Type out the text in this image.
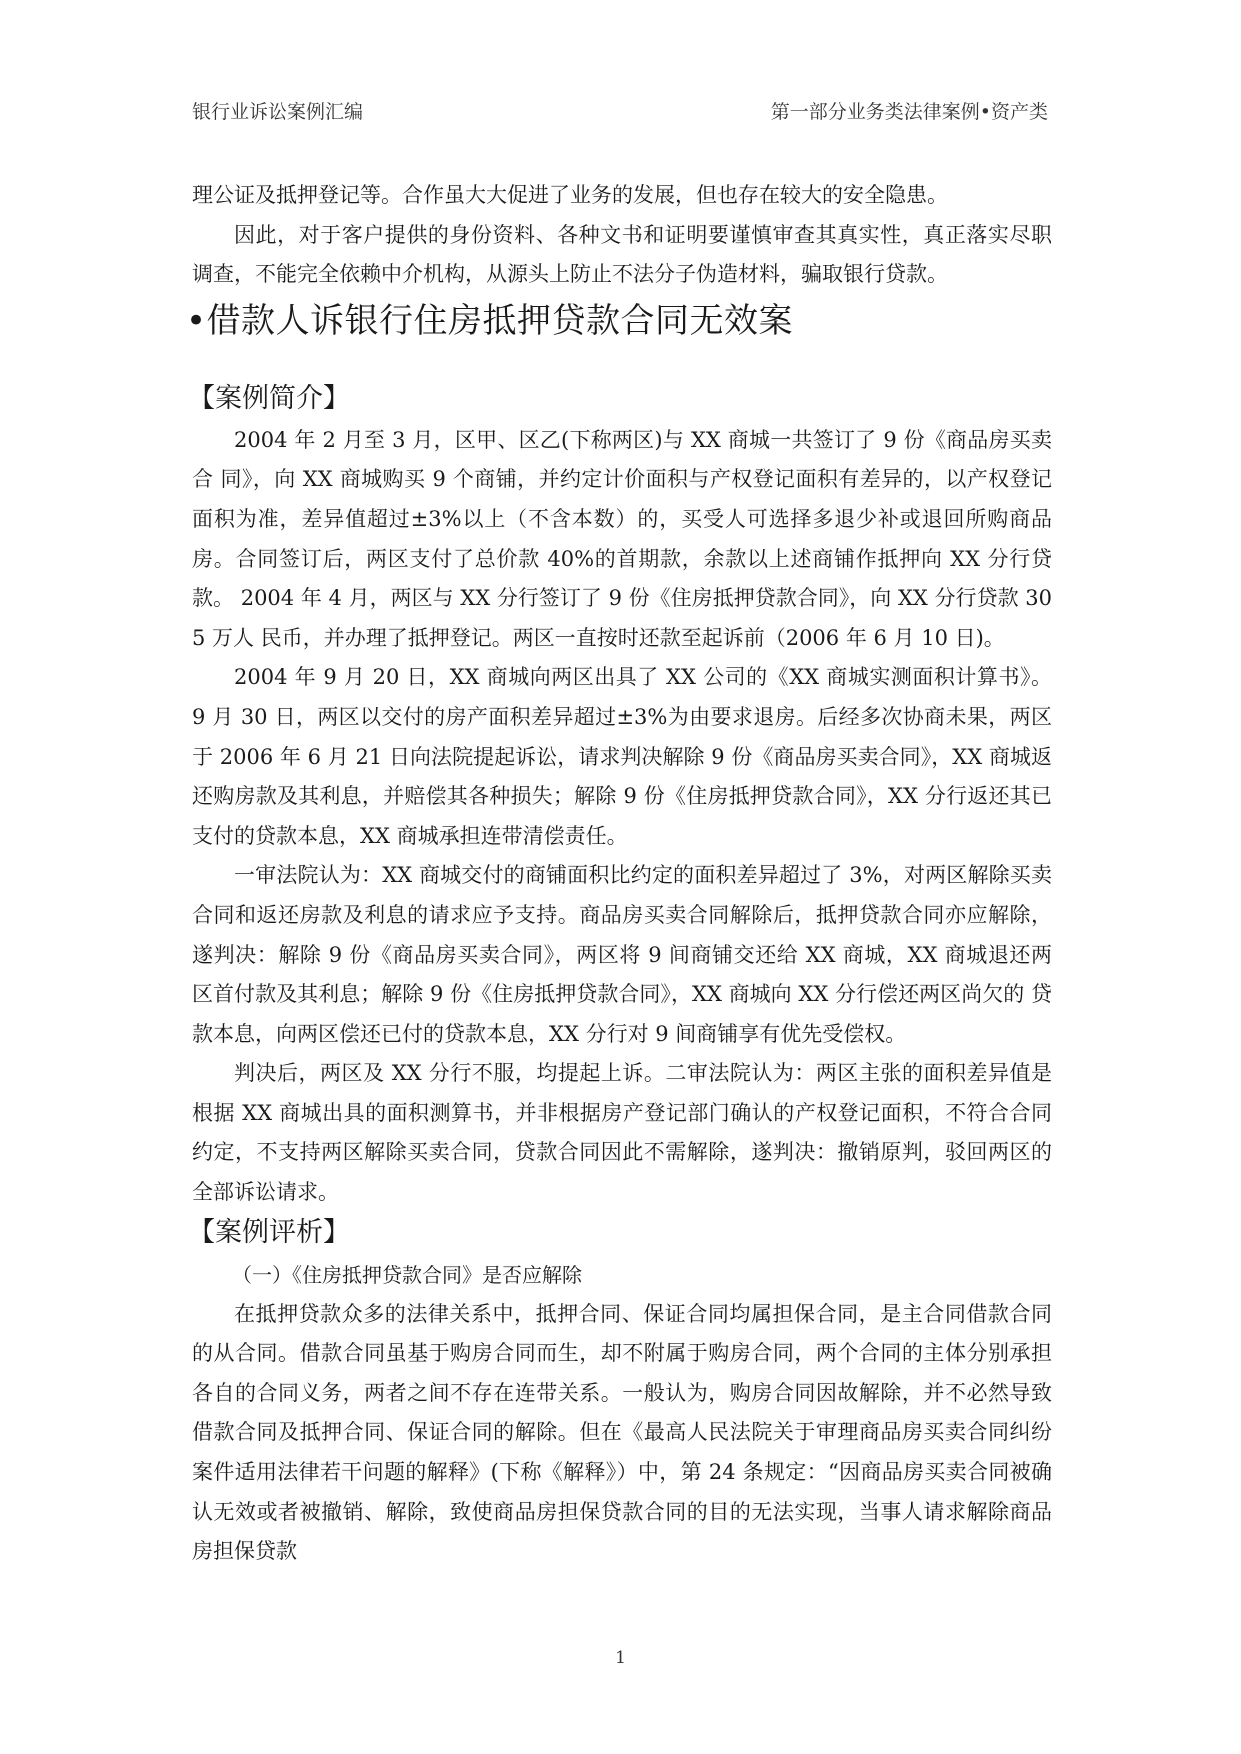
银行业诉讼案例汇编	第一部分业务类法律案例•资产类

理公证及抵押登记等。合作虽大大促进了业务的发展，但也存在较大的安全隐患。

因此，对于客户提供的身份资料、各种文书和证明要谨慎审查其真实性，真正落实尽职 调查，不能完全依赖中介机构，从源头上防止不法分子伪造材料，骗取银行贷款。

•借款人诉银行住房抵押贷款合同无效案
【案例简介】

2004 年 2 月至 3 月，区甲、区乙(下称两区)与 XX 商城一共签订了 9 份《商品房买卖合 同》，向 XX 商城购买 9 个商铺，并约定计价面积与产权登记面积有差异的，以产权登记面积为准，差异值超过±3%以上（不含本数）的，买受人可选择多退少补或退回所购商品房。合同签订后，两区支付了总价款 40%的首期款，余款以上述商铺作抵押向 XX 分行贷款。 2004 年 4 月，两区与 XX 分行签订了 9 份《住房抵押贷款合同》，向 XX 分行贷款 305 万人 民币，并办理了抵押登记。两区一直按时还款至起诉前（2006 年 6 月 10 日)。

2004 年 9 月 20 日，XX 商城向两区出具了 XX 公司的《XX 商城实测面积计算书》。 9 月 30 日，两区以交付的房产面积差异超过±3%为由要求退房。后经多次协商未果，两区于 2006 年 6 月 21 日向法院提起诉讼，请求判决解除 9 份《商品房买卖合同》，XX 商城返还购房款及其利息，并赔偿其各种损失；解除 9 份《住房抵押贷款合同》，XX 分行返还其已支付的贷款本息，XX 商城承担连带清偿责任。

一审法院认为：XX 商城交付的商铺面积比约定的面积差异超过了 3%，对两区解除买卖合同和返还房款及利息的请求应予支持。商品房买卖合同解除后，抵押贷款合同亦应解除， 遂判决：解除 9 份《商品房买卖合同》，两区将 9 间商铺交还给 XX 商城，XX 商城退还两 区首付款及其利息；解除 9 份《住房抵押贷款合同》，XX 商城向 XX 分行偿还两区尚欠的 贷款本息，向两区偿还已付的贷款本息，XX 分行对 9 间商铺享有优先受偿权。

判决后，两区及 XX 分行不服，均提起上诉。二审法院认为：两区主张的面积差异值是 根据 XX 商城出具的面积测算书，并非根据房产登记部门确认的产权登记面积，不符合合同 约定，不支持两区解除买卖合同，贷款合同因此不需解除，遂判决：撤销原判，驳回两区的 全部诉讼请求。

【案例评析】

（一）《住房抵押贷款合同》是否应解除

在抵押贷款众多的法律关系中，抵押合同、保证合同均属担保合同，是主合同借款合同 的从合同。借款合同虽基于购房合同而生，却不附属于购房合同，两个合同的主体分别承担 各自的合同义务，两者之间不存在连带关系。一般认为，购房合同因故解除，并不必然导致 借款合同及抵押合同、保证合同的解除。但在《最高人民法院关于审理商品房买卖合同纠纷 案件适用法律若干问题的解释》(下称《解释》）中，第 24 条规定：“因商品房买卖合同被确认无效或者被撤销、解除，致使商品房担保贷款合同的目的无法实现，当事人请求解除商品 房担保贷款

1
